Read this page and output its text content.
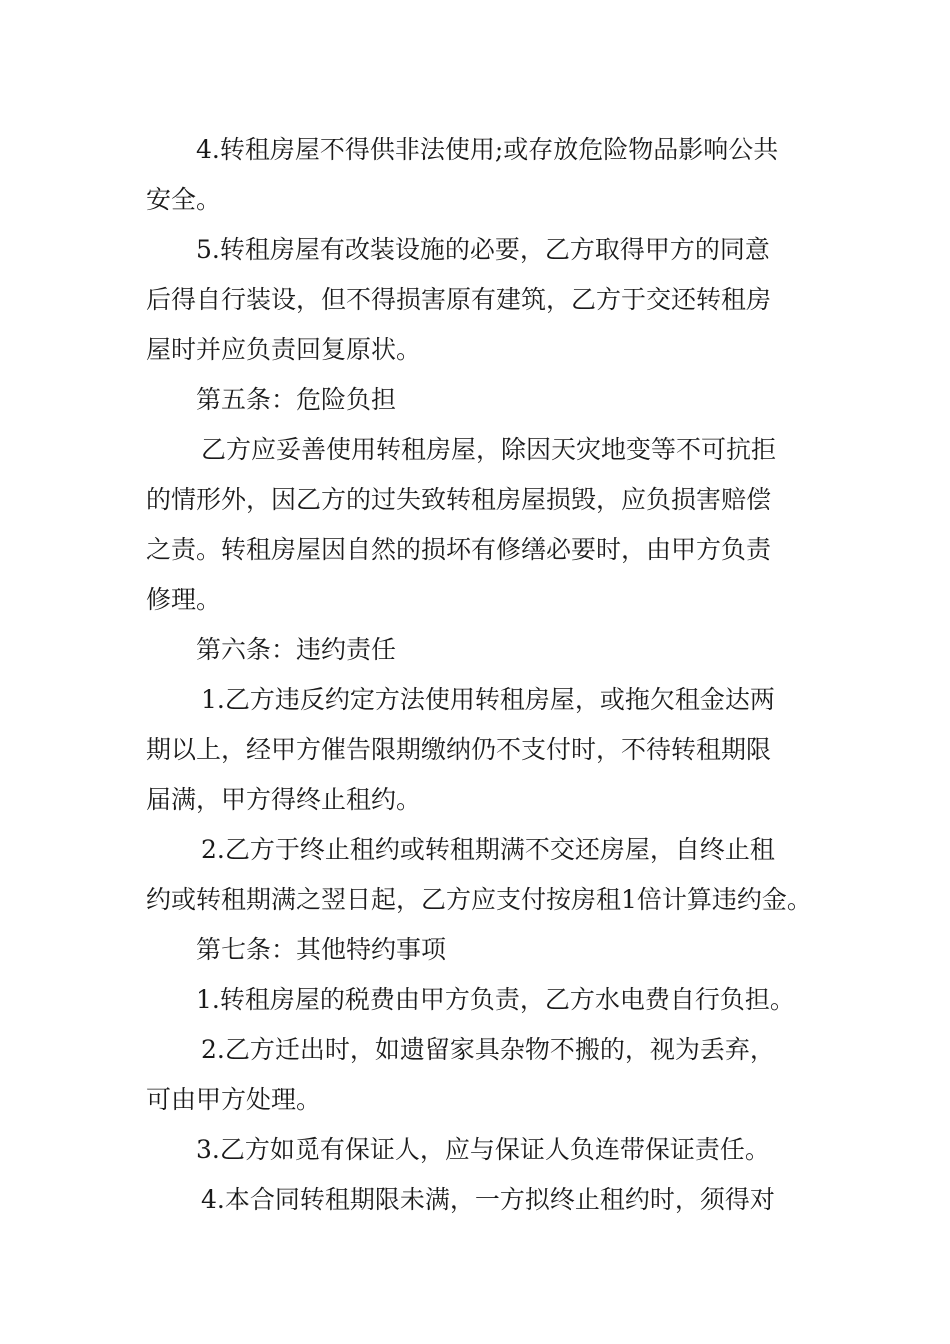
4.转租房屋不得供非法使用;或存放危险物品影响公共

安全。

5.转租房屋有改装设施的必要，乙方取得甲方的同意

后得自行装设，但不得损害原有建筑，乙方于交还转租房

屋时并应负责回复原状。

第五条：危险负担

乙方应妥善使用转租房屋，除因天灾地变等不可抗拒

的情形外，因乙方的过失致转租房屋损毁，应负损害赔偿

之责。转租房屋因自然的损坏有修缮必要时，由甲方负责

修理。

第六条：违约责任

1.乙方违反约定方法使用转租房屋，或拖欠租金达两

期以上，经甲方催告限期缴纳仍不支付时，不待转租期限

届满，甲方得终止租约。

2.乙方于终止租约或转租期满不交还房屋，自终止租

约或转租期满之翌日起，乙方应支付按房租1倍计算违约金。

第七条：其他特约事项

1.转租房屋的税费由甲方负责，乙方水电费自行负担。

2.乙方迁出时，如遗留家具杂物不搬的，视为丢弃，

可由甲方处理。

3.乙方如觅有保证人，应与保证人负连带保证责任。

4.本合同转租期限未满，一方拟终止租约时，须得对
